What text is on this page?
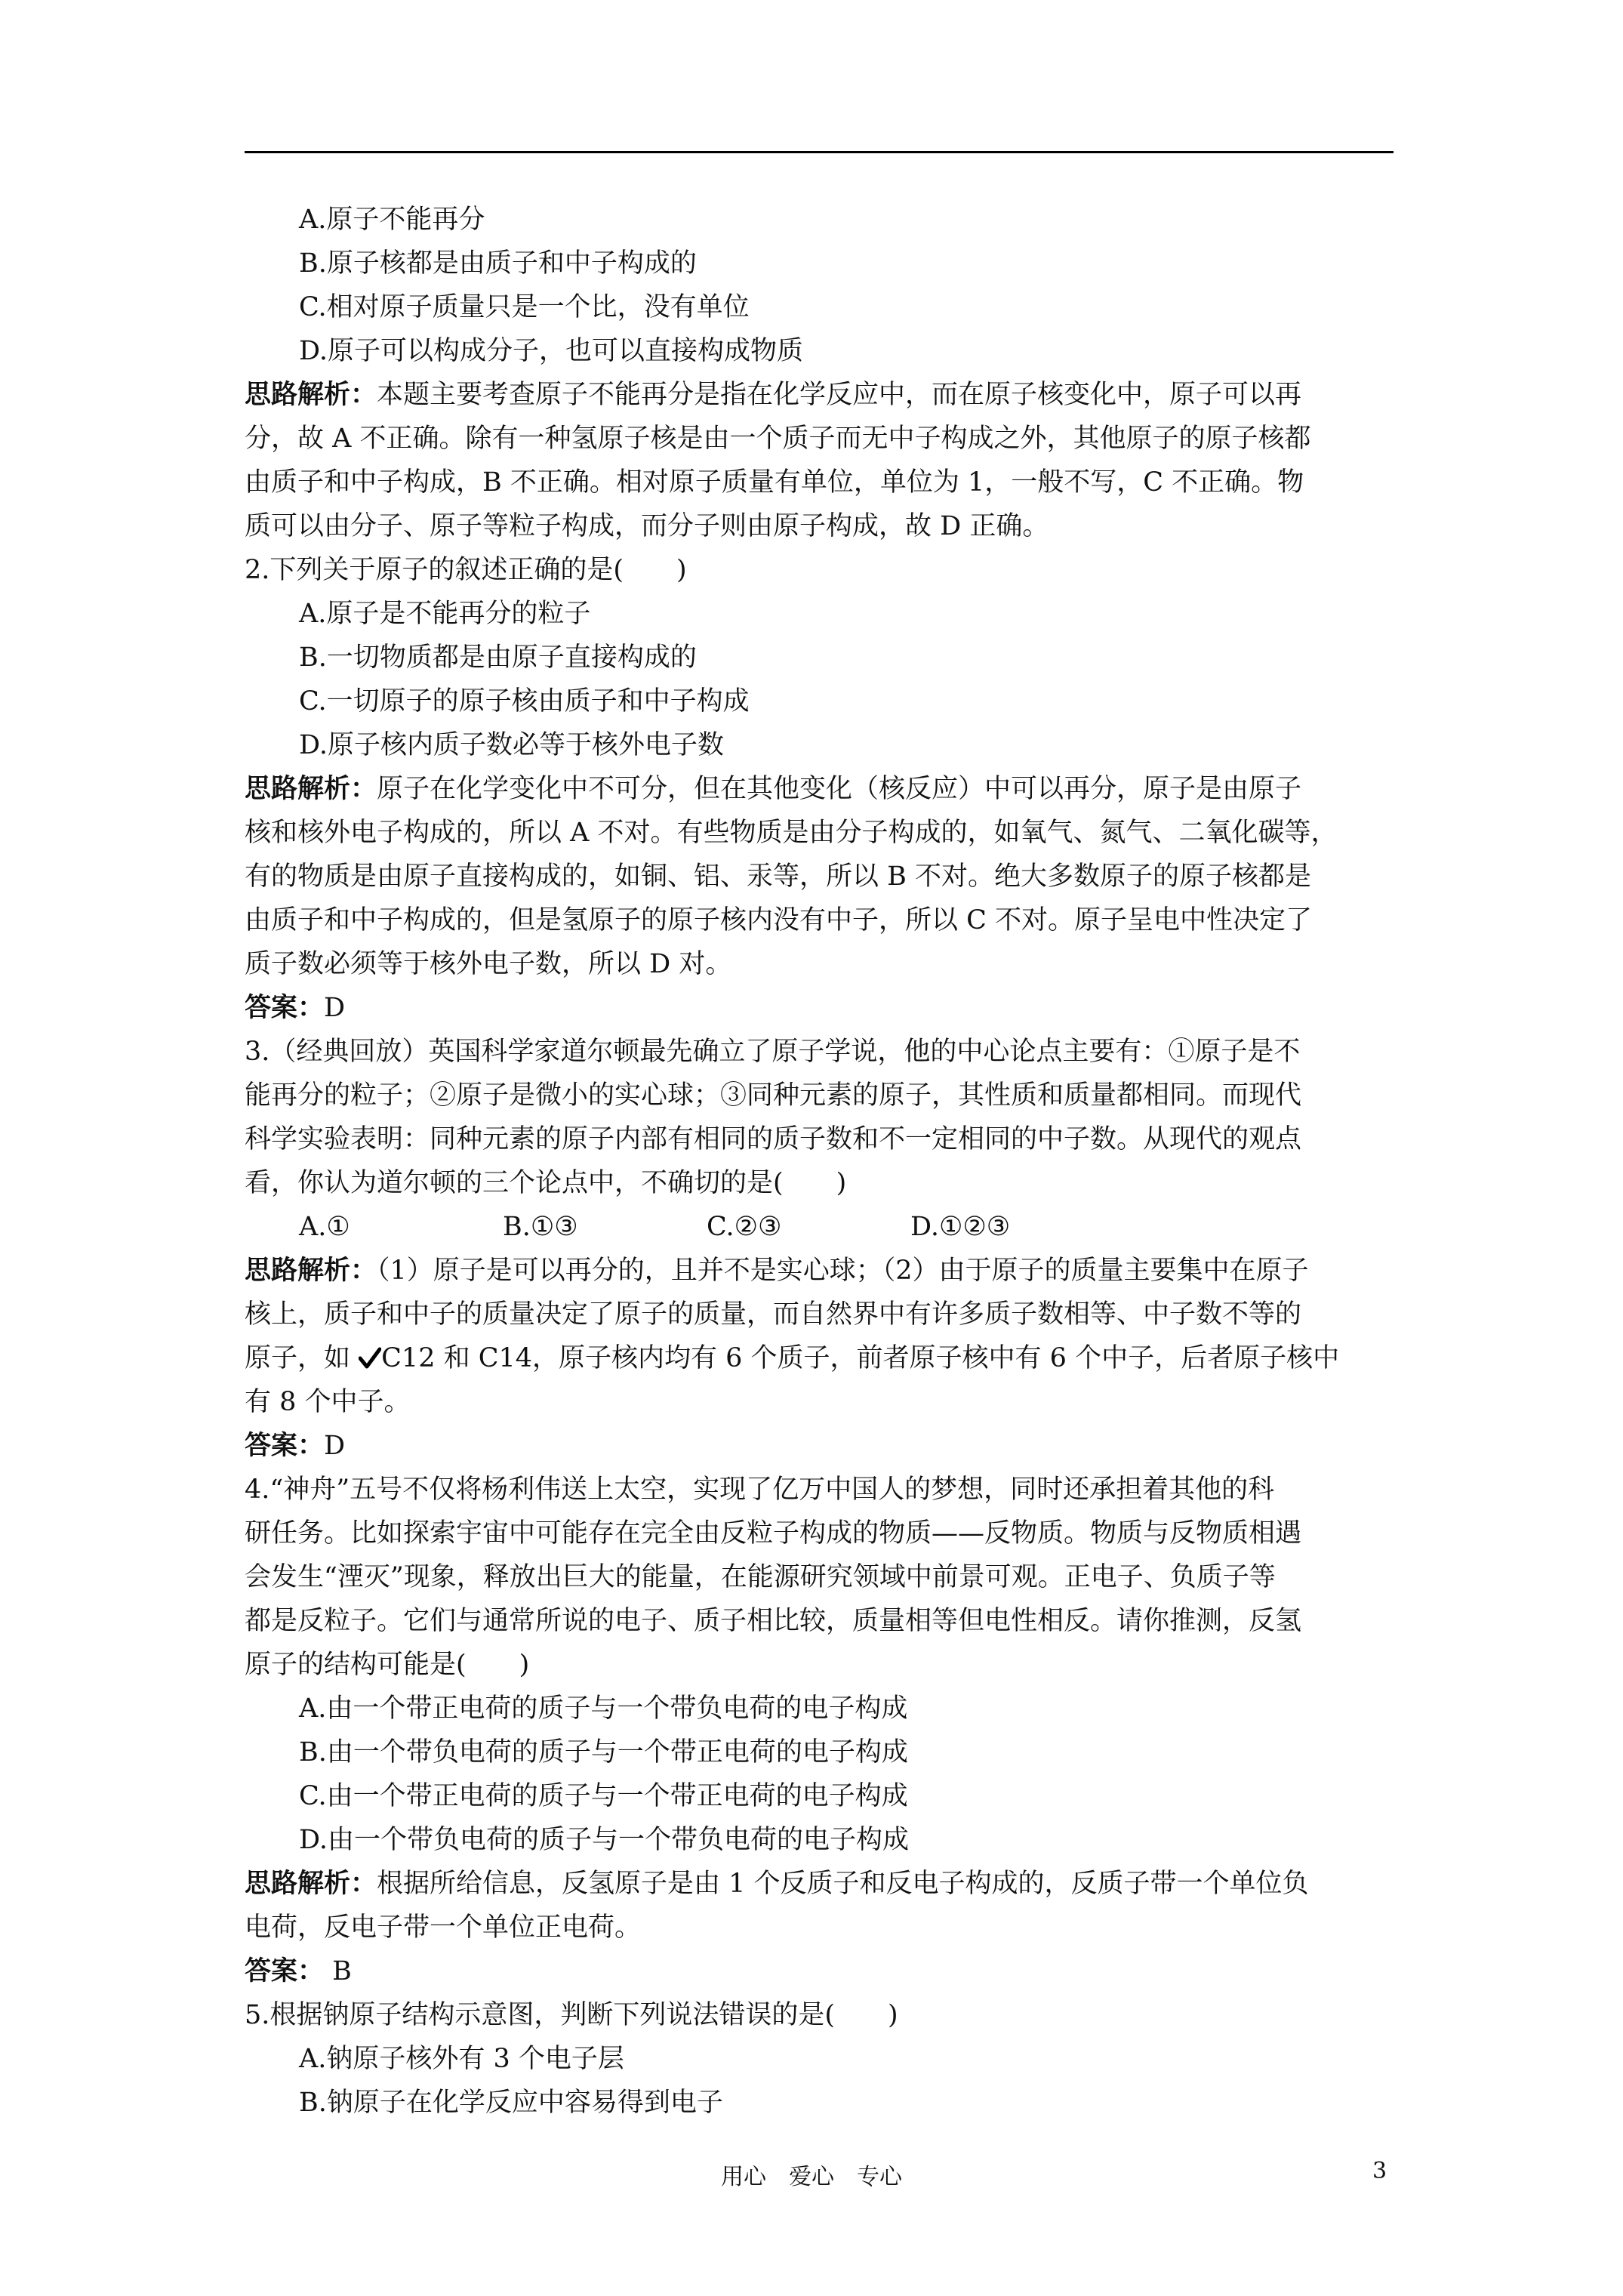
A.原子不能再分
B.原子核都是由质子和中子构成的
C.相对原子质量只是一个比，没有单位
D.原子可以构成分子，也可以直接构成物质
思路解析：本题主要考查原子不能再分是指在化学反应中，而在原子核变化中，原子可以再
分，故 A 不正确。除有一种氢原子核是由一个质子而无中子构成之外，其他原子的原子核都
由质子和中子构成，B 不正确。相对原子质量有单位，单位为 1，一般不写，C 不正确。物
质可以由分子、原子等粒子构成，而分子则由原子构成，故 D 正确。
2.下列关于原子的叙述正确的是(　　)
A.原子是不能再分的粒子
B.一切物质都是由原子直接构成的
C.一切原子的原子核由质子和中子构成
D.原子核内质子数必等于核外电子数
思路解析：原子在化学变化中不可分，但在其他变化（核反应）中可以再分，原子是由原子
核和核外电子构成的，所以 A 不对。有些物质是由分子构成的，如氧气、氮气、二氧化碳等，
有的物质是由原子直接构成的，如铜、铝、汞等，所以 B 不对。绝大多数原子的原子核都是
由质子和中子构成的，但是氢原子的原子核内没有中子，所以 C 不对。原子呈电中性决定了
质子数必须等于核外电子数，所以 D 对。
答案：D
3.（经典回放）英国科学家道尔顿最先确立了原子学说，他的中心论点主要有：①原子是不
能再分的粒子；②原子是微小的实心球；③同种元素的原子，其性质和质量都相同。而现代
科学实验表明：同种元素的原子内部有相同的质子数和不一定相同的中子数。从现代的观点
看，你认为道尔顿的三个论点中，不确切的是(　　)
A.①	B.①③	C.②③	D.①②③
思路解析：（1）原子是可以再分的，且并不是实心球；（2）由于原子的质量主要集中在原子
核上，质子和中子的质量决定了原子的质量，而自然界中有许多质子数相等、中子数不等的
原子，如 C12 和 C14，原子核内均有 6 个质子，前者原子核中有 6 个中子，后者原子核中
有 8 个中子。
答案：D
4.“神舟”五号不仅将杨利伟送上太空，实现了亿万中国人的梦想，同时还承担着其他的科
研任务。比如探索宇宙中可能存在完全由反粒子构成的物质——反物质。物质与反物质相遇
会发生“湮灭”现象，释放出巨大的能量，在能源研究领域中前景可观。正电子、负质子等
都是反粒子。它们与通常所说的电子、质子相比较，质量相等但电性相反。请你推测，反氢
原子的结构可能是(　　)
A.由一个带正电荷的质子与一个带负电荷的电子构成
B.由一个带负电荷的质子与一个带正电荷的电子构成
C.由一个带正电荷的质子与一个带正电荷的电子构成
D.由一个带负电荷的质子与一个带负电荷的电子构成
思路解析：根据所给信息，反氢原子是由 1 个反质子和反电子构成的，反质子带一个单位负
电荷，反电子带一个单位正电荷。
答案： B
5.根据钠原子结构示意图，判断下列说法错误的是(　　)
A.钠原子核外有 3 个电子层
B.钠原子在化学反应中容易得到电子
用心　爱心　专心	3
